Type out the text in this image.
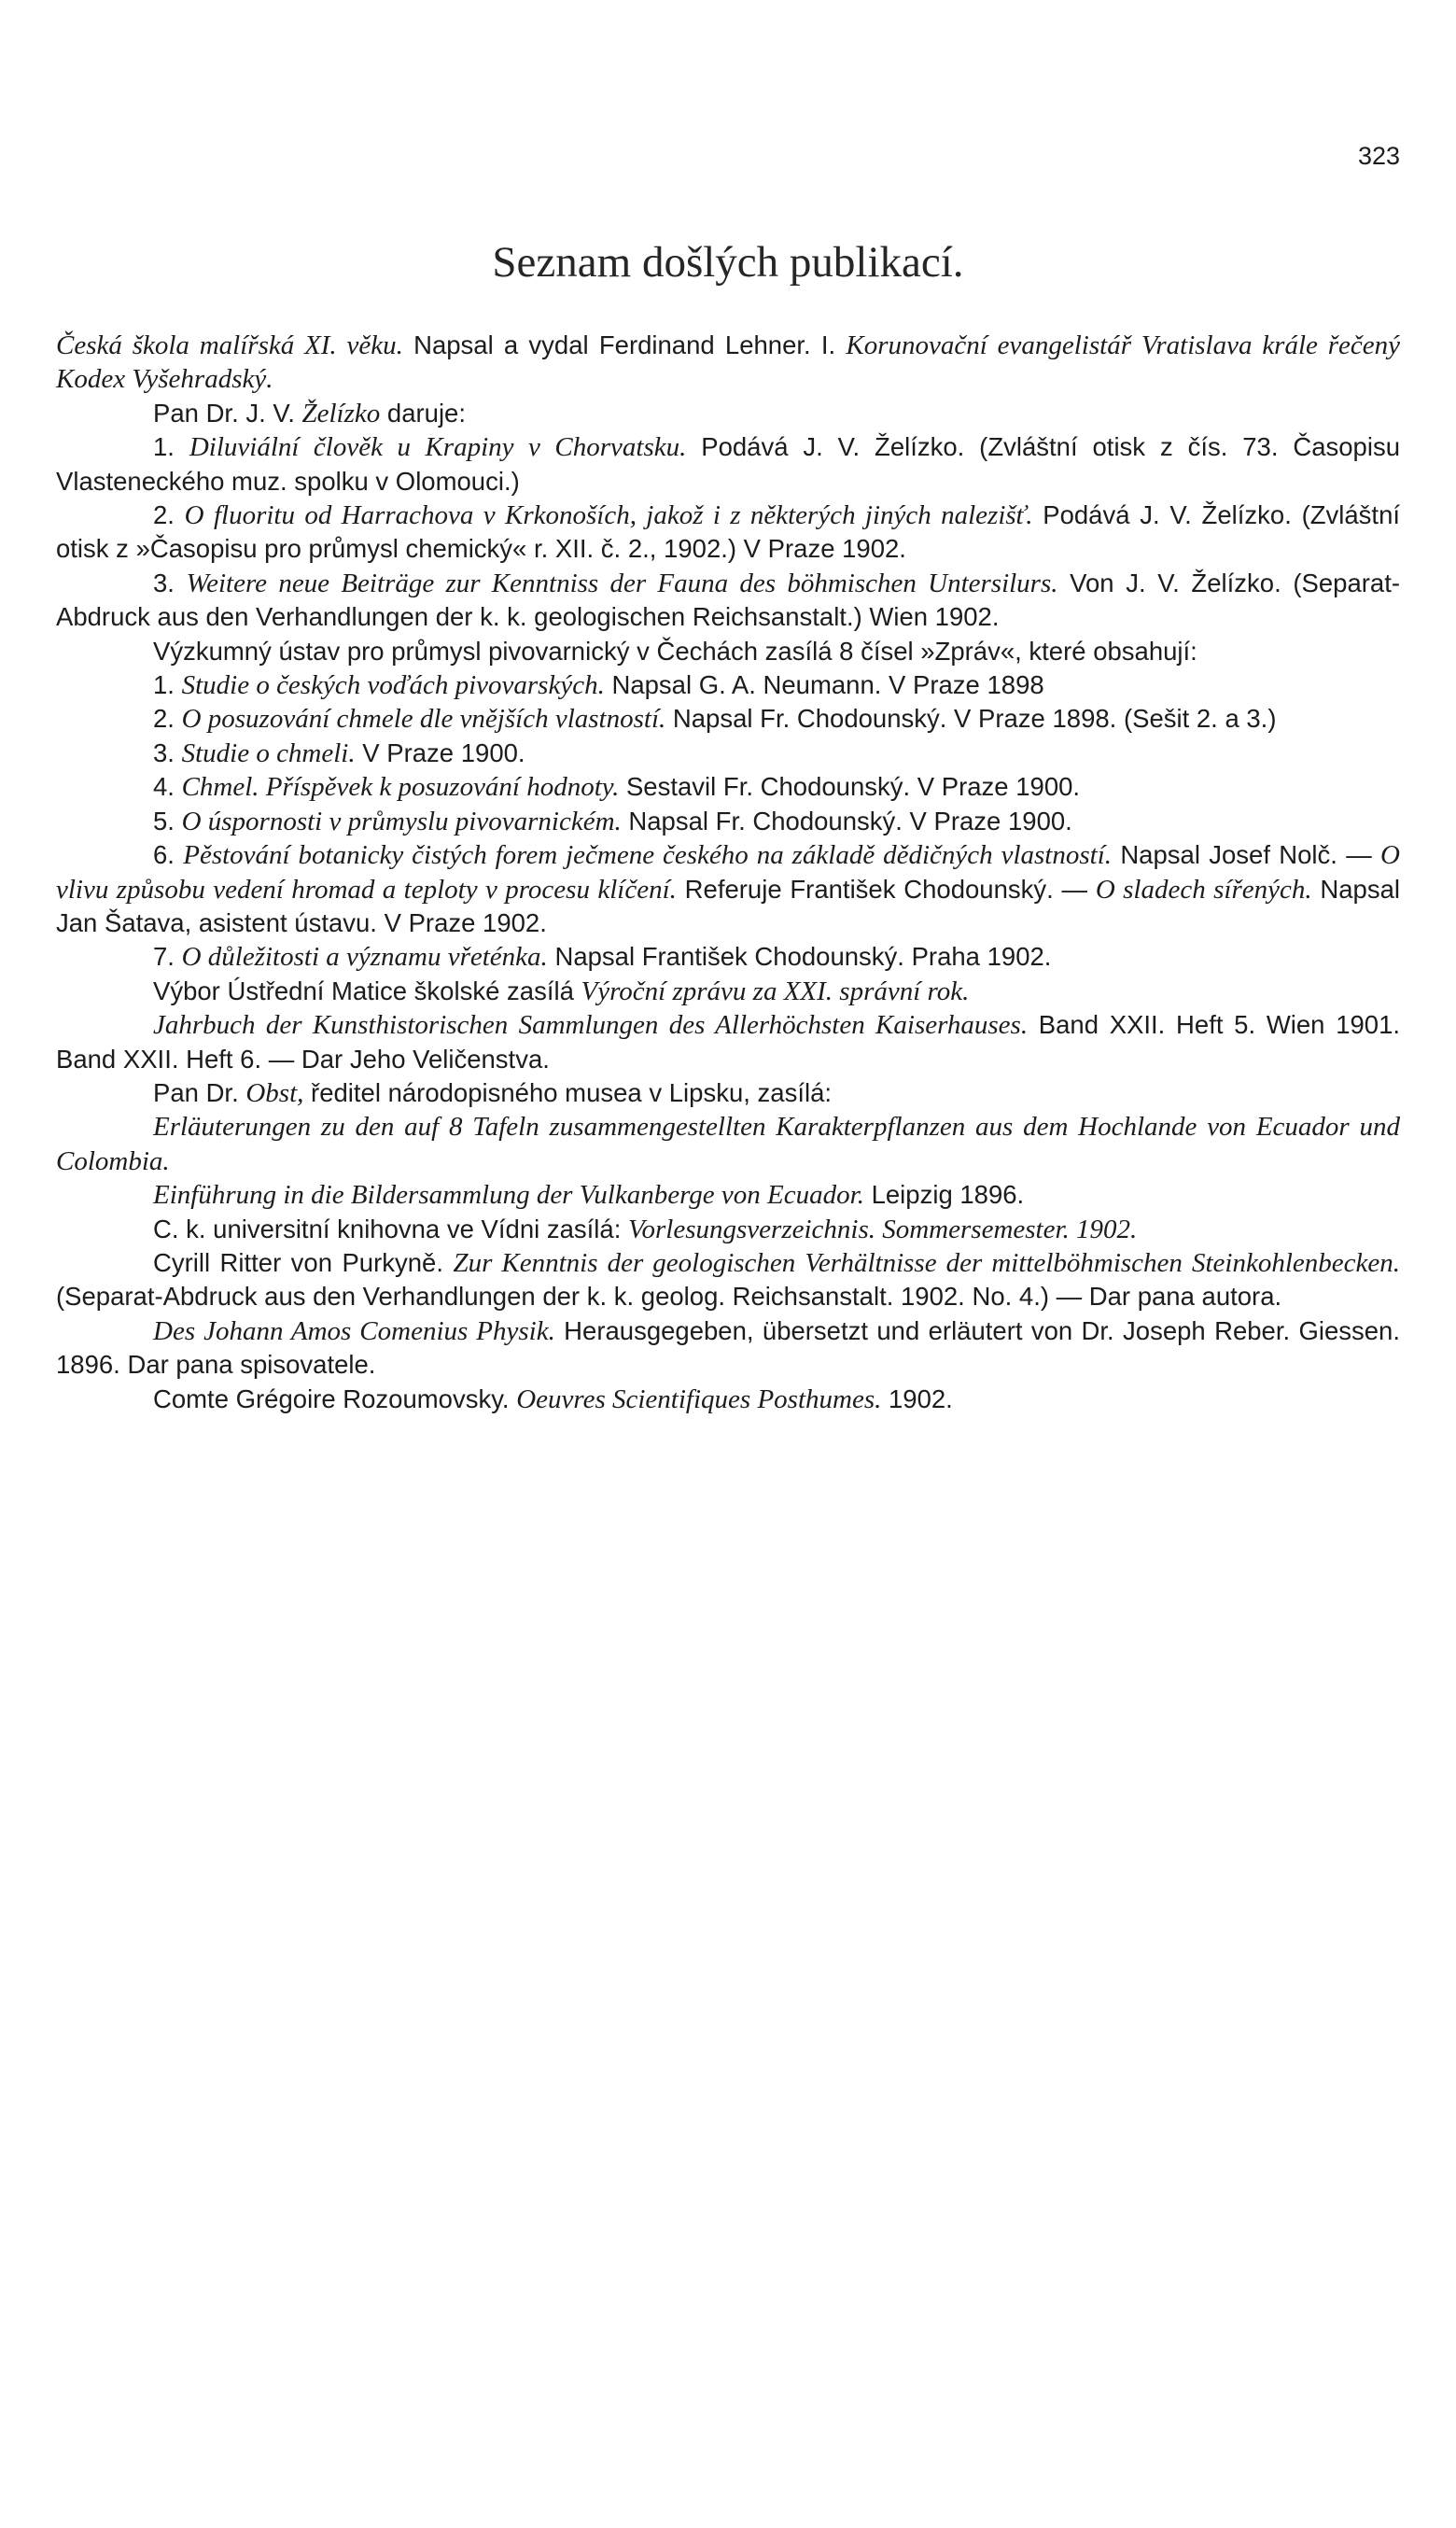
323
Seznam došlých publikací.

Česká škola malířská XI. věku. Napsal a vydal Ferdinand Lehner. I. Korunovační evangelistář Vratislava krále řečený Kodex Vyšehradský.

Pan Dr. J. V. Želízko daruje:

1. Diluviální člověk u Krapiny v Chorvatsku. Podává J. V. Želízko. (Zvláštní otisk z čís. 73. Časopisu Vlasteneckého muz. spolku v Olomouci.)

2. O fluoritu od Harrachova v Krkonoších, jakož i z některých jiných nalezišť. Podává J. V. Želízko. (Zvláštní otisk z »Časopisu pro průmysl chemický« r. XII. č. 2., 1902.) V Praze 1902.

3. Weitere neue Beiträge zur Kenntniss der Fauna des böhmischen Untersilurs. Von J. V. Želízko. (Separat-Abdruck aus den Verhandlungen der k. k. geologischen Reichsanstalt.) Wien 1902.

Výzkumný ústav pro průmysl pivovarnický v Čechách zasílá 8 čísel »Zpráv«, které obsahují:

1. Studie o českých voďách pivovarských. Napsal G. A. Neumann. V Praze 1898

2. O posuzování chmele dle vnějších vlastností. Napsal Fr. Chodounský. V Praze 1898. (Sešit 2. a 3.)

3. Studie o chmeli. V Praze 1900.

4. Chmel. Příspěvek k posuzování hodnoty. Sestavil Fr. Chodounský. V Praze 1900.

5. O úspornosti v průmyslu pivovarnickém. Napsal Fr. Chodounský. V Praze 1900.

6. Pěstování botanicky čistých forem ječmene českého na základě dědičných vlastností. Napsal Josef Nolč. — O vlivu způsobu vedení hromad a teploty v procesu klíčení. Referuje František Chodounský. — O sladech sířených. Napsal Jan Šatava, asistent ústavu. V Praze 1902.

7. O důležitosti a významu vřeténka. Napsal František Chodounský. Praha 1902.

Výbor Ústřední Matice školské zasílá Výroční zprávu za XXI. správní rok.

Jahrbuch der Kunsthistorischen Sammlungen des Allerhöchsten Kaiserhauses. Band XXII. Heft 5. Wien 1901. Band XXII. Heft 6. — Dar Jeho Veličenstva.

Pan Dr. Obst, ředitel národopisného musea v Lipsku, zasílá:

Erläuterungen zu den auf 8 Tafeln zusammengestellten Karakterpflanzen aus dem Hochlande von Ecuador und Colombia.

Einführung in die Bildersammlung der Vulkanberge von Ecuador. Leipzig 1896.

C. k. universitní knihovna ve Vídni zasílá: Vorlesungsverzeichnis. Sommersemester. 1902.

Cyrill Ritter von Purkyně. Zur Kenntnis der geologischen Verhältnisse der mittelböhmischen Steinkohlenbecken. (Separat-Abdruck aus den Verhandlungen der k. k. geolog. Reichsanstalt. 1902. No. 4.) — Dar pana autora.

Des Johann Amos Comenius Physik. Herausgegeben, übersetzt und erläutert von Dr. Joseph Reber. Giessen. 1896. Dar pana spisovatele.

Comte Grégoire Rozoumovsky. Oeuvres Scientifiques Posthumes. 1902.
